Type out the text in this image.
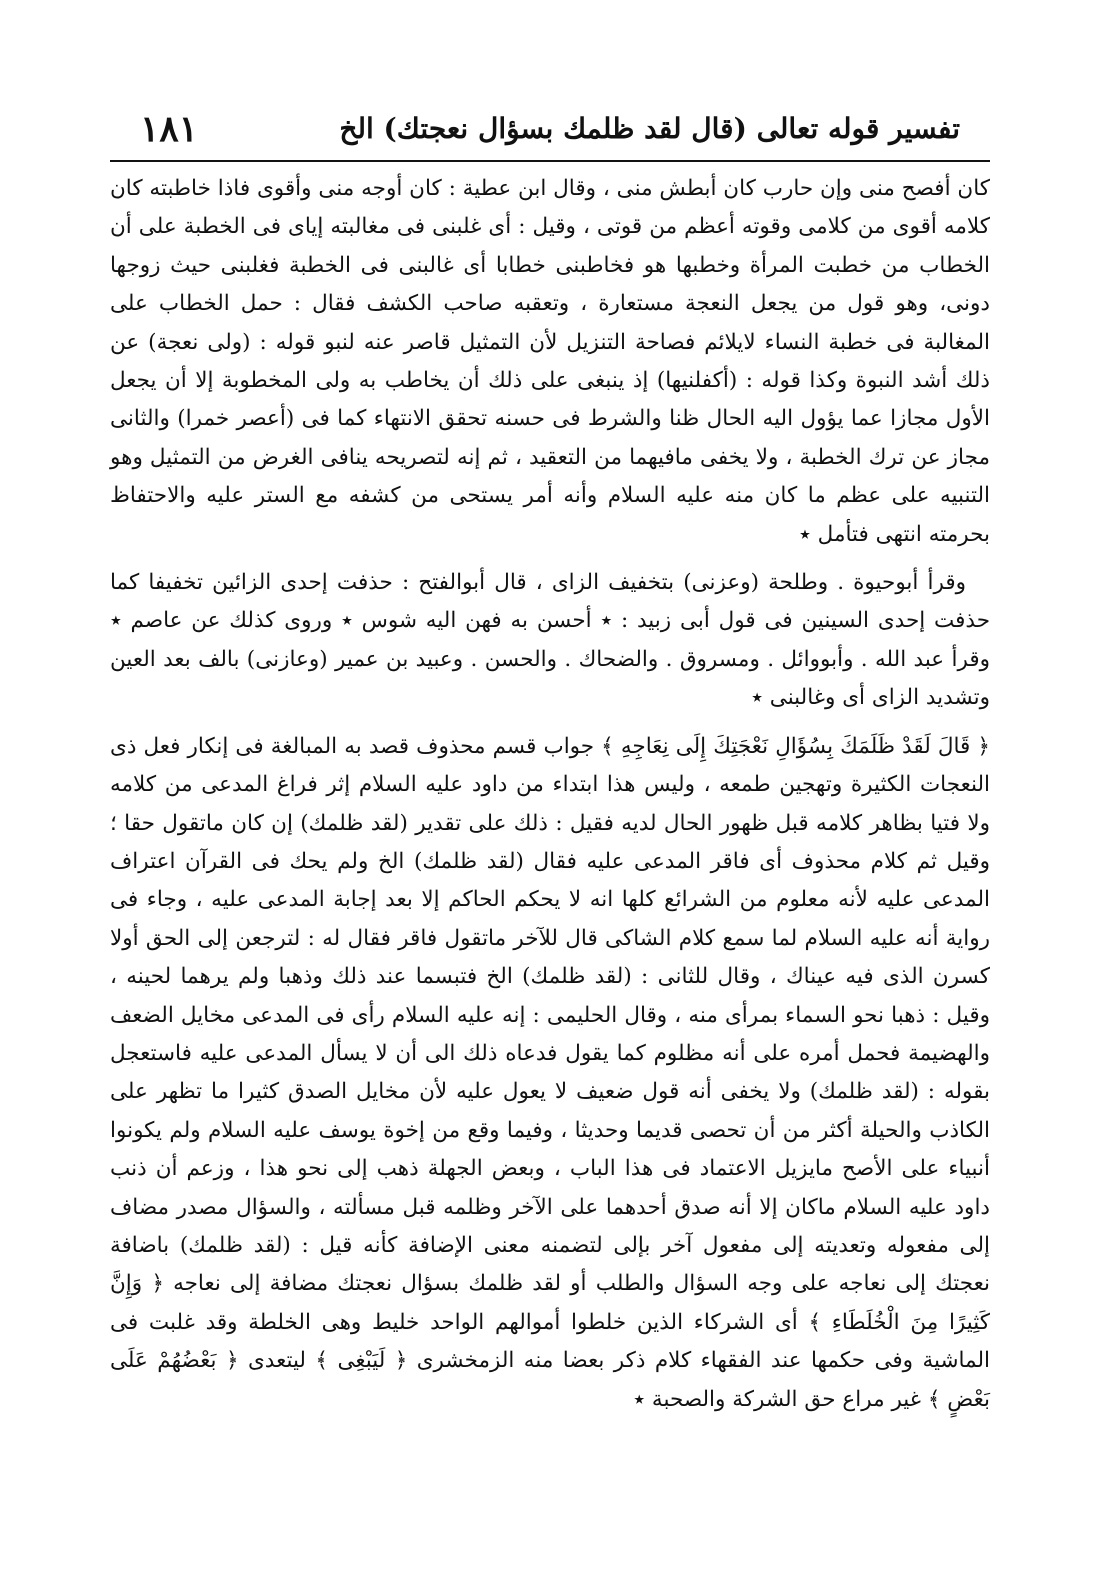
تفسير قوله تعالى (قال لقد ظلمك بسؤال نعجتك) الخ
١٨١

كان أفصح منى وإن حارب كان أبطش منى ، وقال ابن عطية : كان أوجه منى وأقوى فاذا خاطبته كان كلامه أقوى من كلامى وقوته أعظم من قوتى ، وقيل : أى غلبنى فى مغالبته إياى فى الخطبة على أن الخطاب من خطبت المرأة وخطبها هو فخاطبنى خطابا أى غالبنى فى الخطبة فغلبنى حيث زوجها دونى، وهو قول من يجعل النعجة مستعارة ، وتعقبه صاحب الكشف فقال : حمل الخطاب على المغالبة فى خطبة النساء لايلائم فصاحة التنزيل لأن التمثيل قاصر عنه لنبو قوله : (ولى نعجة) عن ذلك أشد النبوة وكذا قوله : (أكفلنيها) إذ ينبغى على ذلك أن يخاطب به ولى المخطوبة إلا أن يجعل الأول مجازا عما يؤول اليه الحال ظنا والشرط فى حسنه تحقق الانتهاء كما فى (أعصر خمرا) والثانى مجاز عن ترك الخطبة ، ولا يخفى مافيهما من التعقيد ، ثم إنه لتصريحه ينافى الغرض من التمثيل وهو التنبيه على عظم ما كان منه عليه السلام وأنه أمر يستحى من كشفه مع الستر عليه والاحتفاظ بحرمته انتهى فتأمل ٭

وقرأ أبوحيوة . وطلحة (وعزنى) بتخفيف الزاى ، قال أبوالفتح : حذفت إحدى الزائين تخفيفا كما حذفت إحدى السينين فى قول أبى زبيد : ٭ أحسن به فهن اليه شوس ٭ وروى كذلك عن عاصم ٭ وقرأ عبد الله . وأبووائل . ومسروق . والضحاك . والحسن . وعبيد بن عمير (وعازنى) بالف بعد العين وتشديد الزاى أى وغالبنى ٭

﴿ قَالَ لَقَدْ ظَلَمَكَ بِسُؤَالِ نَعْجَتِكَ إِلَى نِعَاجِهِ ﴾ جواب قسم محذوف قصد به المبالغة فى إنكار فعل ذى النعجات الكثيرة وتهجين طمعه ، وليس هذا ابتداء من داود عليه السلام إثر فراغ المدعى من كلامه ولا فتيا بظاهر كلامه قبل ظهور الحال لديه فقيل : ذلك على تقدير (لقد ظلمك) إن كان ماتقول حقا ؛ وقيل ثم كلام محذوف أى فاقر المدعى عليه فقال (لقد ظلمك) الخ ولم يحك فى القرآن اعتراف المدعى عليه لأنه معلوم من الشرائع كلها انه لا يحكم الحاكم إلا بعد إجابة المدعى عليه ، وجاء فى رواية أنه عليه السلام لما سمع كلام الشاكى قال للآخر ماتقول فاقر فقال له : لترجعن إلى الحق أولا كسرن الذى فيه عيناك ، وقال للثانى : (لقد ظلمك) الخ فتبسما عند ذلك وذهبا ولم يرهما لحينه ، وقيل : ذهبا نحو السماء بمرأى منه ، وقال الحليمى : إنه عليه السلام رأى فى المدعى مخايل الضعف والهضيمة فحمل أمره على أنه مظلوم كما يقول فدعاه ذلك الى أن لا يسأل المدعى عليه فاستعجل بقوله : (لقد ظلمك) ولا يخفى أنه قول ضعيف لا يعول عليه لأن مخايل الصدق كثيرا ما تظهر على الكاذب والحيلة أكثر من أن تحصى قديما وحديثا ، وفيما وقع من إخوة يوسف عليه السلام ولم يكونوا أنبياء على الأصح مايزيل الاعتماد فى هذا الباب ، وبعض الجهلة ذهب إلى نحو هذا ، وزعم أن ذنب داود عليه السلام ماكان إلا أنه صدق أحدهما على الآخر وظلمه قبل مسألته ، والسؤال مصدر مضاف إلى مفعوله وتعديته إلى مفعول آخر بإلى لتضمنه معنى الإضافة كأنه قيل : (لقد ظلمك) باضافة نعجتك إلى نعاجه على وجه السؤال والطلب أو لقد ظلمك بسؤال نعجتك مضافة إلى نعاجه ﴿ وَإِنَّ كَثِيرًا مِنَ الْخُلَطَاءِ ﴾ أى الشركاء الذين خلطوا أموالهم الواحد خليط وهى الخلطة وقد غلبت فى الماشية وفى حكمها عند الفقهاء كلام ذكر بعضا منه الزمخشرى ﴿ لَيَبْغِى ﴾ ليتعدى ﴿ بَعْضُهُمْ عَلَى بَعْضٍ ﴾ غير مراع حق الشركة والصحبة ٭
